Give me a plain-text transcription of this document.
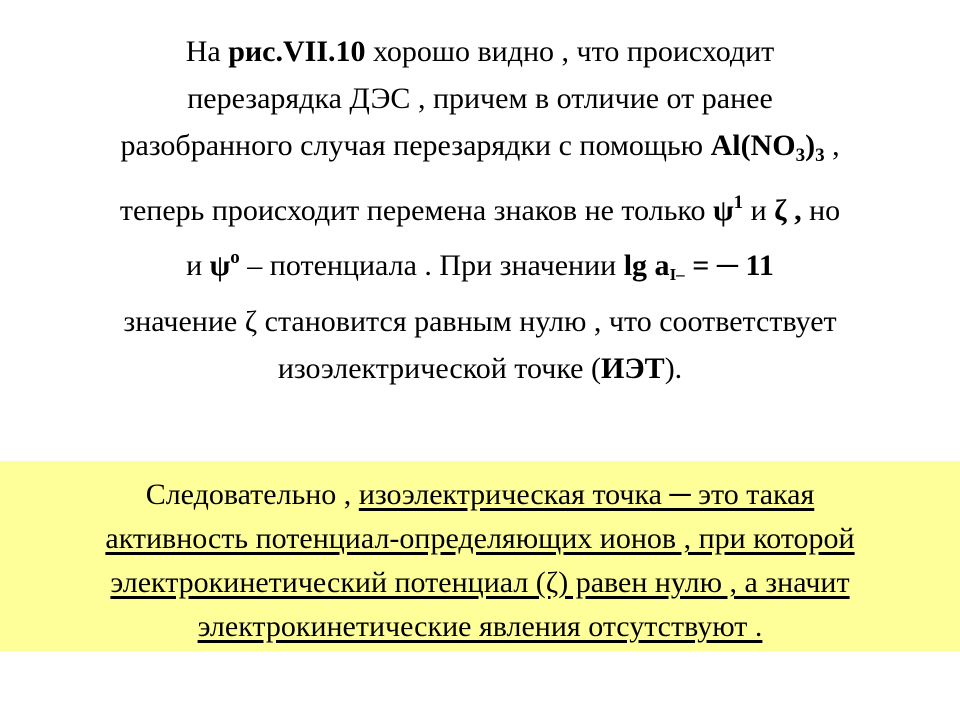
На рис.VII.10 хорошо видно , что происходит
перезарядка ДЭС , причем в отличие от ранее
разобранного случая перезарядки с помощью $Al(NO_3)_3$ ,
теперь происходит перемена знаков не только $\psi^1$ и ζ , но
и $\psi^o$ – потенциала . При значении $\lg a_{I-}$ = ─ 11
значение ζ становится равным нулю , что соответствует
изоэлектрической точке (ИЭТ).
Следовательно , изоэлектрическая точка ─ это такая
активность потенциал-определяющих ионов , при которой
электрокинетический потенциал (ζ) равен нулю , а значит
электрокинетические явления отсутствуют .
